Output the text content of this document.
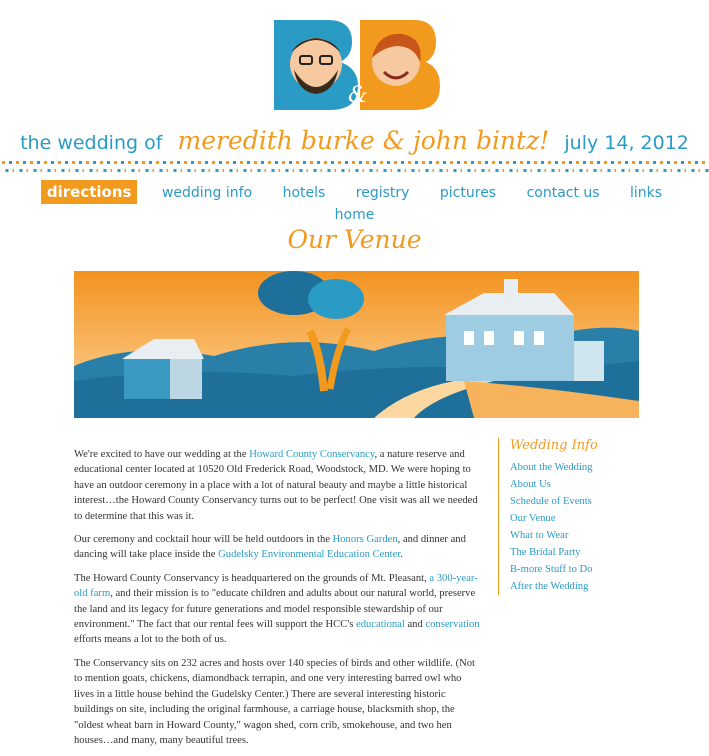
&
the wedding of meredith burke & john bintz! july 14, 2012
directions wedding info hotels registry pictures contact us links home
Our Venue

We're excited to have our wedding at the Howard County Conservancy, a nature reserve and educational center located at 10520 Old Frederick Road, Woodstock, MD. We were hoping to have an outdoor ceremony in a place with a lot of natural beauty and maybe a little historical interest…the Howard County Conservancy turns out to be perfect! One visit was all we needed to determine that this was it.

Our ceremony and cocktail hour will be held outdoors in the Honors Garden, and dinner and dancing will take place inside the Gudelsky Environmental Education Center.

The Howard County Conservancy is headquartered on the grounds of Mt. Pleasant, a 300-year-old farm, and their mission is to "educate children and adults about our natural world, preserve the land and its legacy for future generations and model responsible stewardship of our environment." The fact that our rental fees will support the HCC's educational and conservation efforts means a lot to the both of us.

The Conservancy sits on 232 acres and hosts over 140 species of birds and other wildlife. (Not to mention goats, chickens, diamondback terrapin, and one very interesting barred owl who lives in a little house behind the Gudelsky Center.) There are several interesting historic buildings on site, including the original farmhouse, a carriage house, blacksmith shop, the "oldest wheat barn in Howard County," wagon shed, corn crib, smokehouse, and two hen houses…and many, many beautiful trees.

Wedding Info
About the Wedding
About Us
Schedule of Events
Our Venue
What to Wear
The Bridal Party
B-more Stuff to Do
After the Wedding
